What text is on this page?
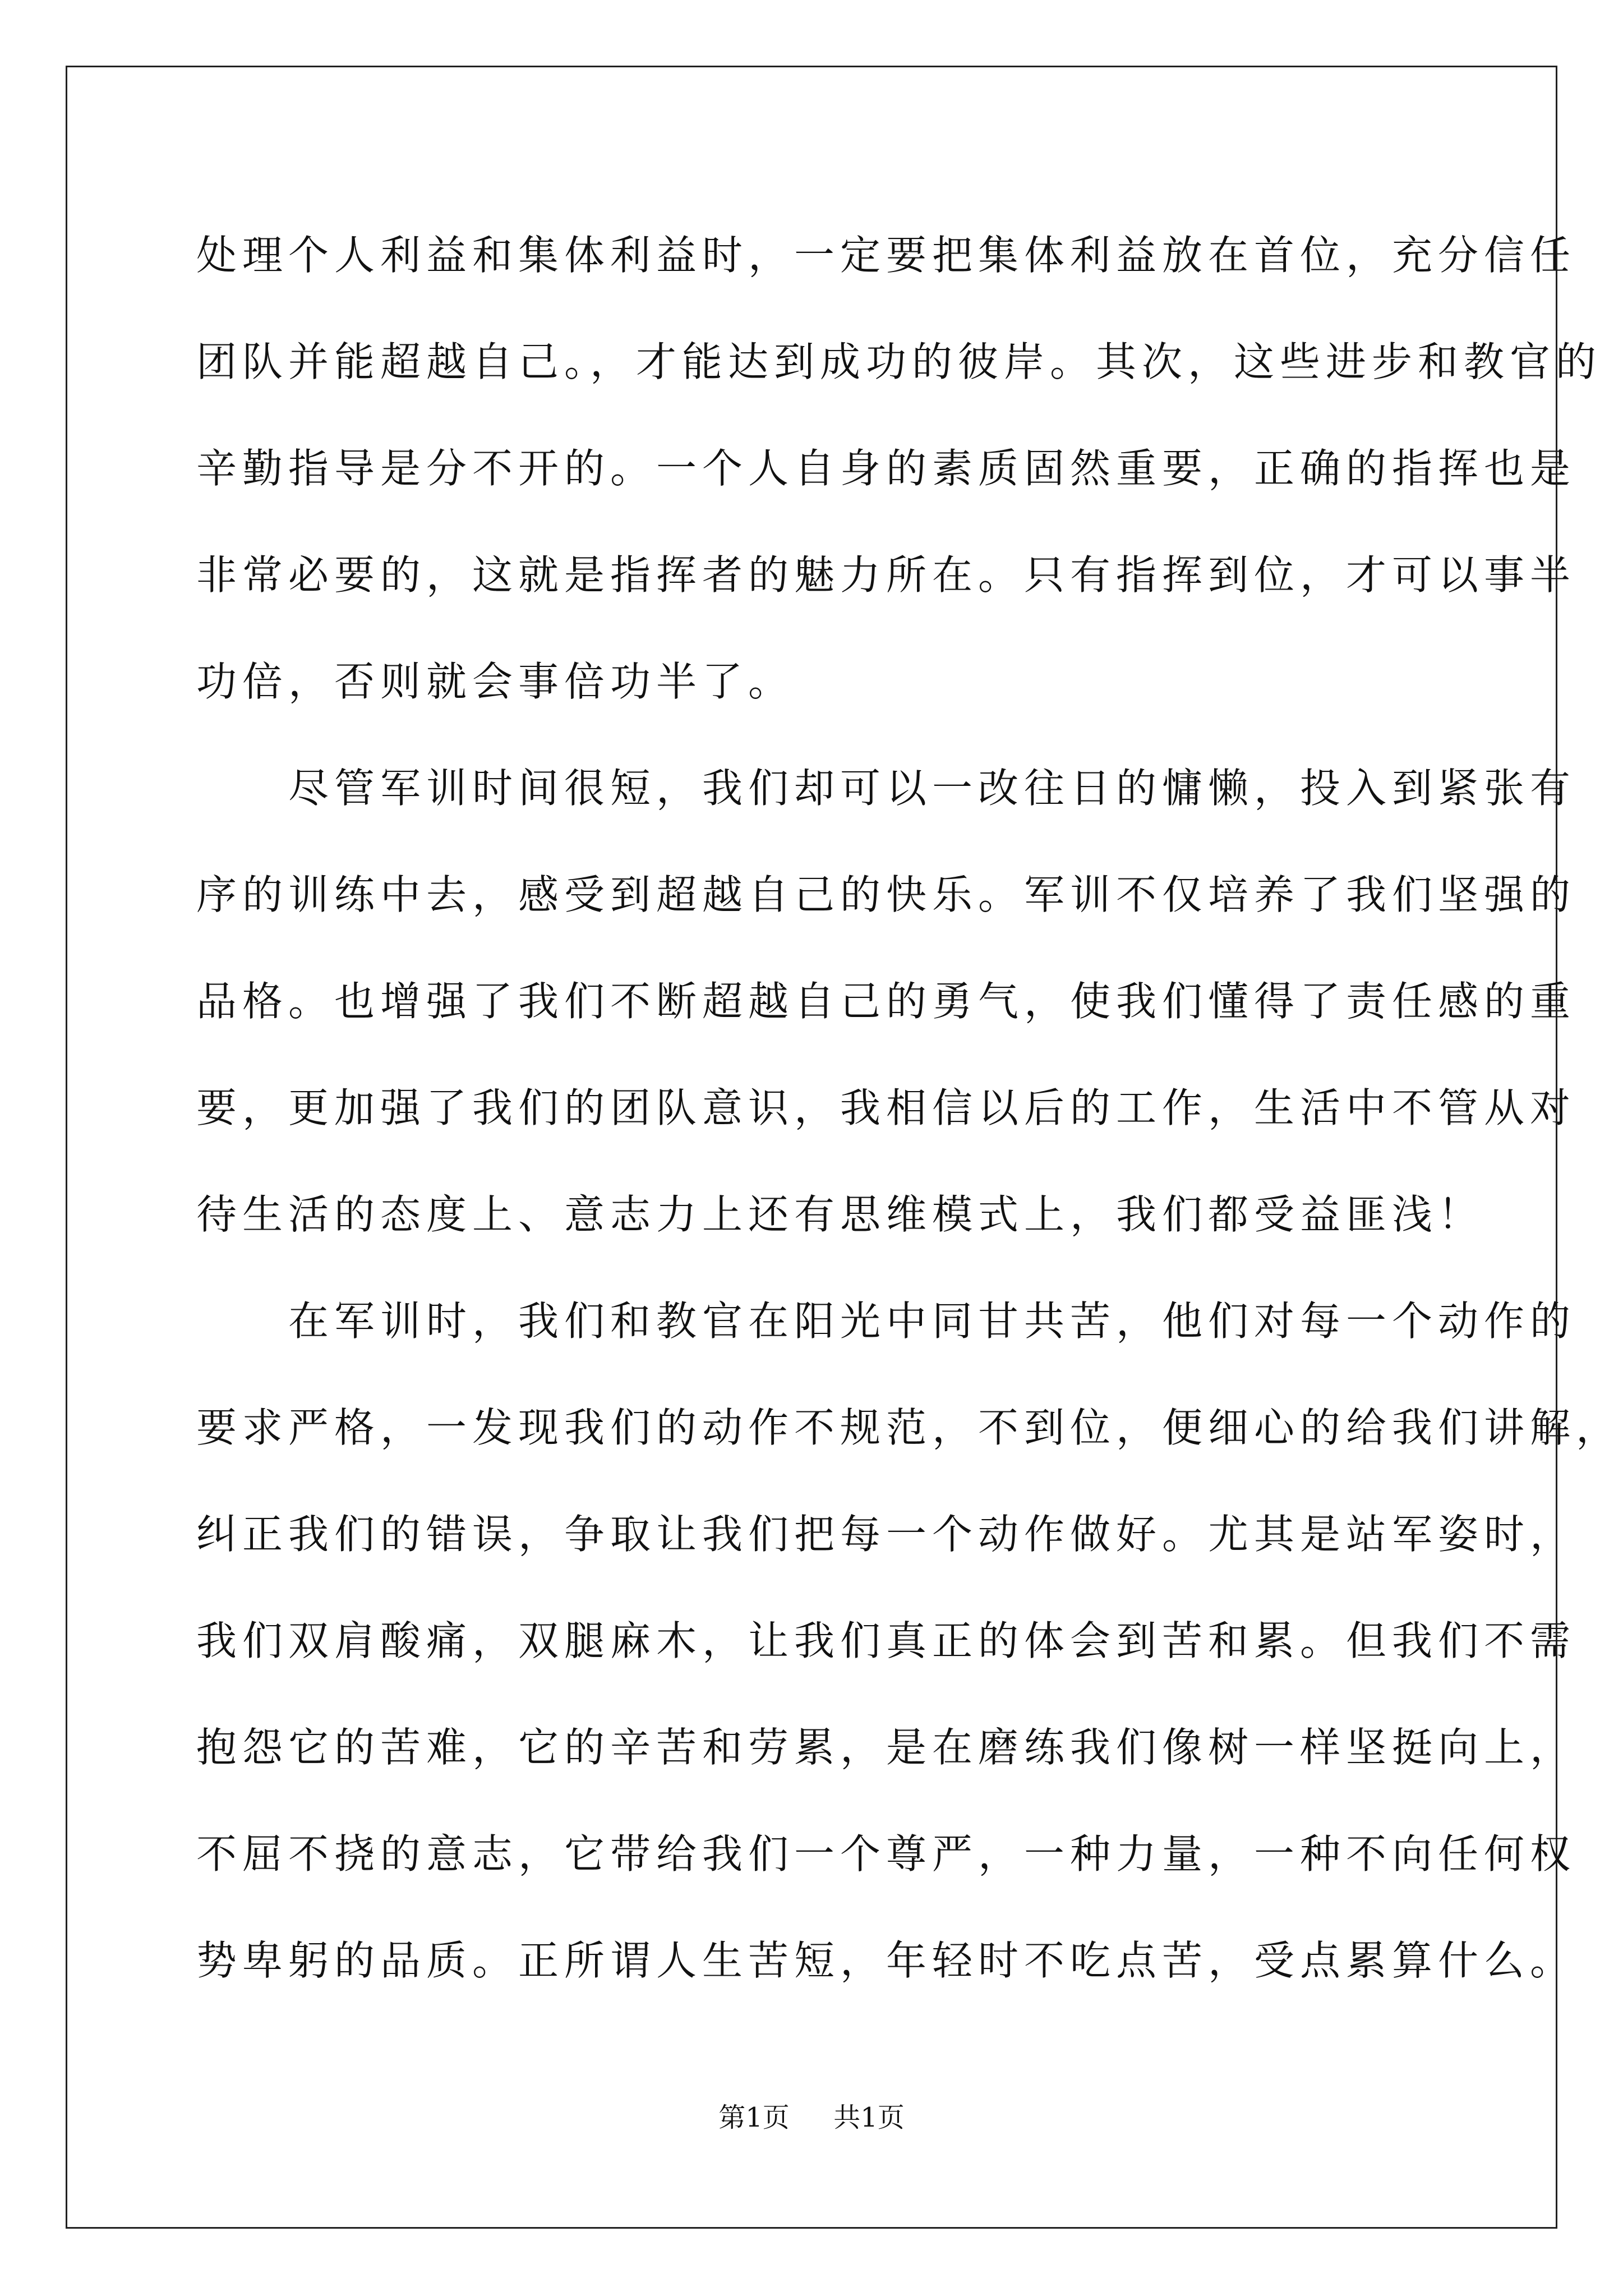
处理个人利益和集体利益时，一定要把集体利益放在首位，充分信任
团队并能超越自己。，才能达到成功的彼岸。其次，这些进步和教官的
辛勤指导是分不开的。一个人自身的素质固然重要，正确的指挥也是
非常必要的，这就是指挥者的魅力所在。只有指挥到位，才可以事半
功倍，否则就会事倍功半了。
　　尽管军训时间很短，我们却可以一改往日的慵懒，投入到紧张有
序的训练中去，感受到超越自己的快乐。军训不仅培养了我们坚强的
品格。也增强了我们不断超越自己的勇气，使我们懂得了责任感的重
要，更加强了我们的团队意识，我相信以后的工作，生活中不管从对
待生活的态度上、意志力上还有思维模式上，我们都受益匪浅！
　　在军训时，我们和教官在阳光中同甘共苦，他们对每一个动作的
要求严格，一发现我们的动作不规范，不到位，便细心的给我们讲解，
纠正我们的错误，争取让我们把每一个动作做好。尤其是站军姿时，
我们双肩酸痛，双腿麻木，让我们真正的体会到苦和累。但我们不需
抱怨它的苦难，它的辛苦和劳累，是在磨练我们像树一样坚挺向上，
不屈不挠的意志，它带给我们一个尊严，一种力量，一种不向任何权
势卑躬的品质。正所谓人生苦短，年轻时不吃点苦，受点累算什么。
第1页 共1页
